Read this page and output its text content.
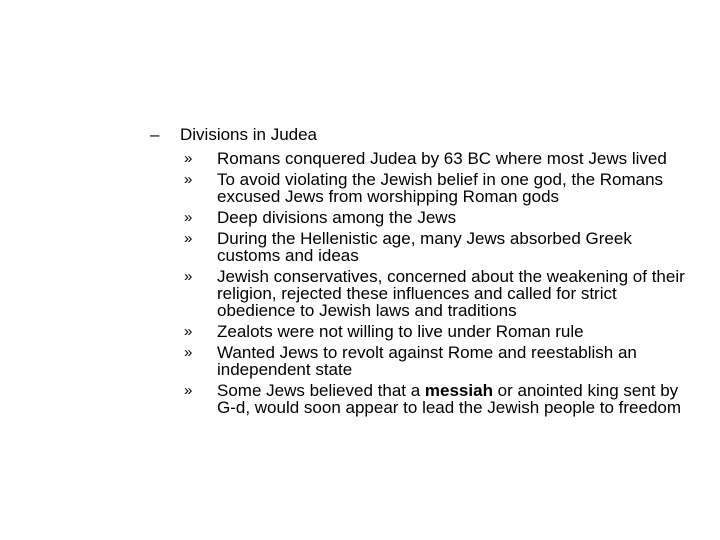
–	Divisions in Judea
» Romans conquered Judea by 63 BC where most Jews lived
» To avoid violating the Jewish belief in one god, the Romans excused Jews from worshipping Roman gods
» Deep divisions among the Jews
» During the Hellenistic age, many Jews absorbed Greek customs and ideas
» Jewish conservatives, concerned about the weakening of their religion, rejected these influences and called for strict obedience to Jewish laws and traditions
» Zealots were not willing to live under Roman rule
» Wanted Jews to revolt against Rome and reestablish an independent state
» Some Jews believed that a messiah or anointed king sent by G-d, would soon appear to lead the Jewish people to freedom
